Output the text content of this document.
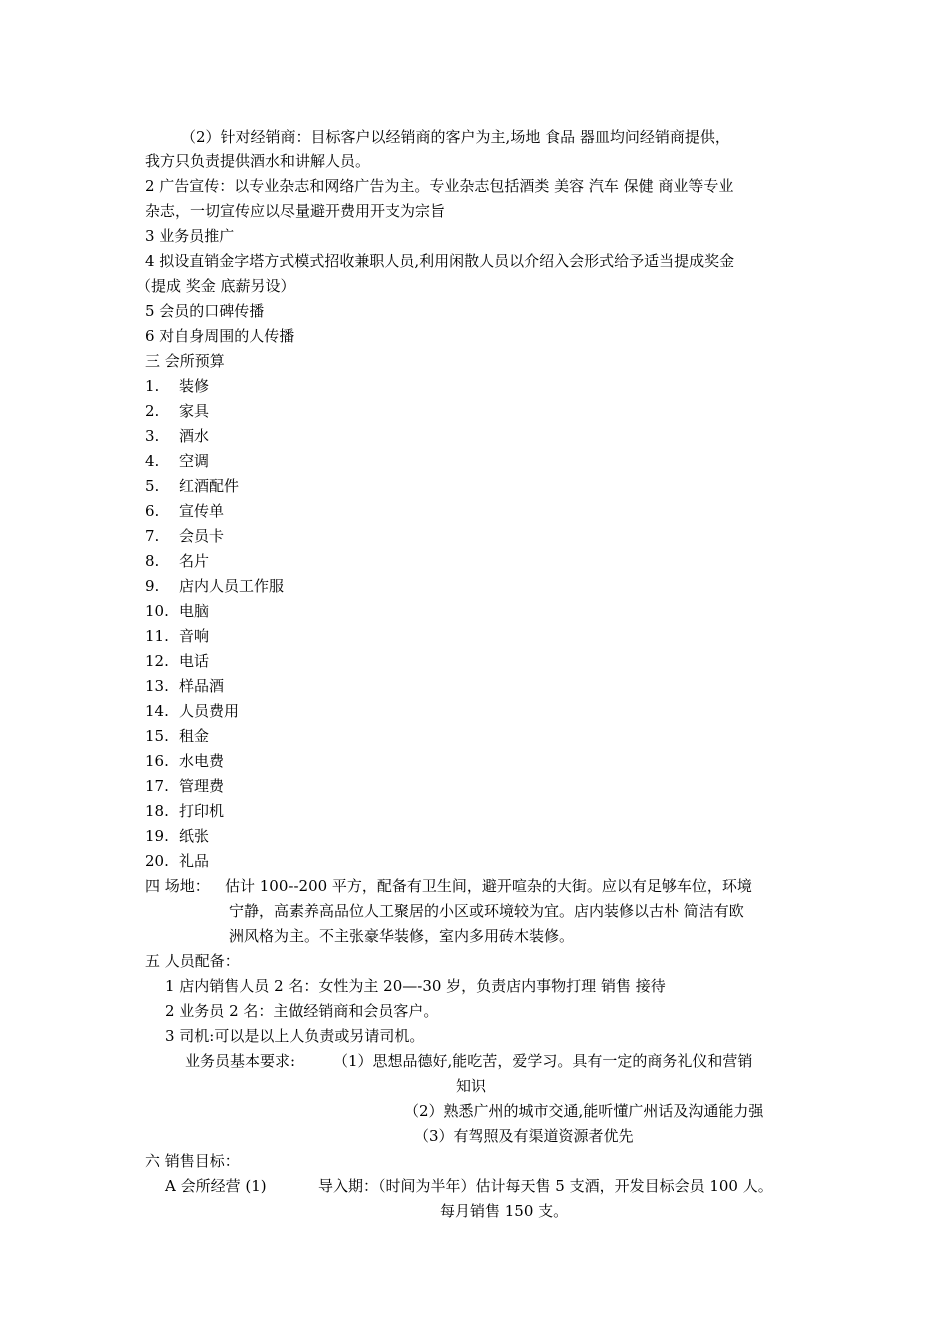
（2）针对经销商：目标客户以经销商的客户为主,场地 食品 器皿均问经销商提供，
我方只负责提供酒水和讲解人员。
2 广告宣传：以专业杂志和网络广告为主。专业杂志包括酒类 美容 汽车 保健 商业等专业
杂志，一切宣传应以尽量避开费用开支为宗旨
3 业务员推广
4 拟设直销金字塔方式模式招收兼职人员,利用闲散人员以介绍入会形式给予适当提成奖金
（提成 奖金 底薪另设）
5 会员的口碑传播
6 对自身周围的人传播
三 会所预算
1. 装修
2. 家具
3. 酒水
4. 空调
5. 红酒配件
6. 宣传单
7. 会员卡
8. 名片
9. 店内人员工作服
10. 电脑
11. 音响
12. 电话
13. 样品酒
14. 人员费用
15. 租金
16. 水电费
17. 管理费
18. 打印机
19. 纸张
20. 礼品
四 场地： 估计 100--200 平方，配备有卫生间，避开喧杂的大街。应以有足够车位，环境
宁静，高素养高品位人工聚居的小区或环境较为宜。店内装修以古朴 简洁有欧
洲风格为主。不主张豪华装修，室内多用砖木装修。
五 人员配备：
1 店内销售人员 2 名：女性为主 20—-30 岁，负责店内事物打理 销售 接待
2 业务员 2 名：主做经销商和会员客户。
3 司机:可以是以上人负责或另请司机。
业务员基本要求:	（1）思想品德好,能吃苦，爱学习。具有一定的商务礼仪和营销
知识
（2）熟悉广州的城市交通,能听懂广州话及沟通能力强
（3）有驾照及有渠道资源者优先
六 销售目标：
A 会所经营 (1)	导入期：（时间为半年）估计每天售 5 支酒，开发目标会员 100 人。
每月销售 150 支。
